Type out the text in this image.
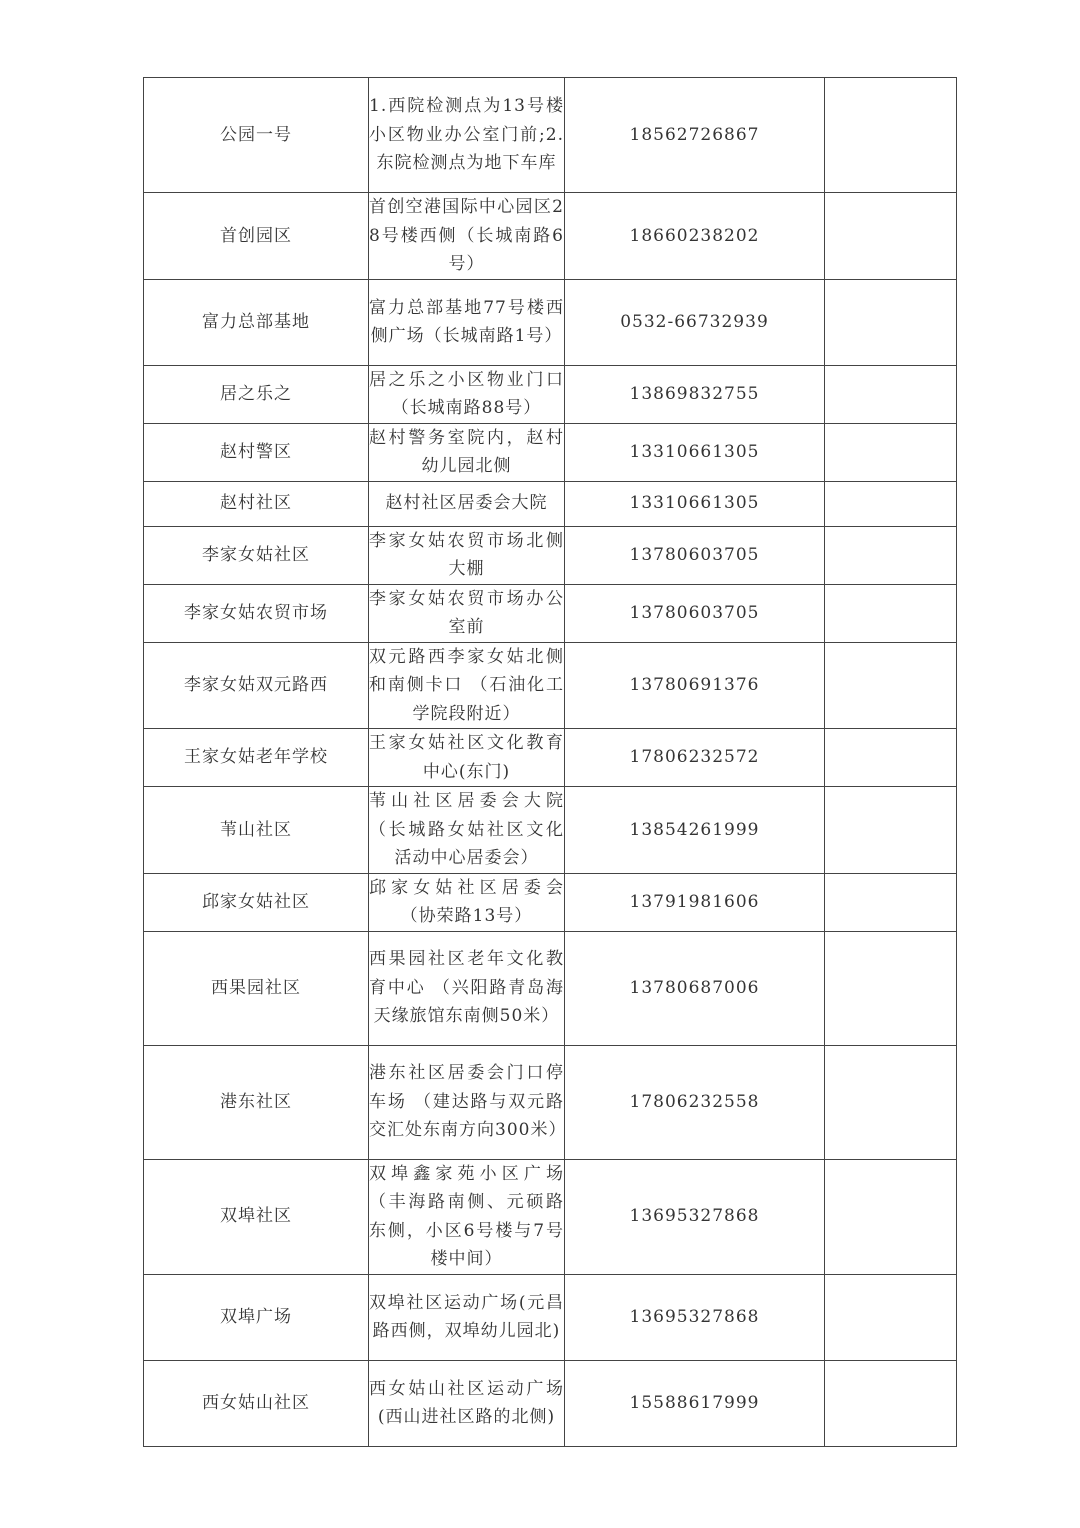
公园一号	1.西院检测点为13号楼小区物业办公室门前;2.东院检测点为地下车库	18562726867	
首创园区	首创空港国际中心园区28号楼西侧（长城南路6号）	18660238202	
富力总部基地	富力总部基地77号楼西侧广场（长城南路1号）	0532-66732939	
居之乐之	居之乐之小区物业门口（长城南路88号）	13869832755	
赵村警区	赵村警务室院内，赵村幼儿园北侧	13310661305	
赵村社区	赵村社区居委会大院	13310661305	
李家女姑社区	李家女姑农贸市场北侧大棚	13780603705	
李家女姑农贸市场	李家女姑农贸市场办公室前	13780603705	
李家女姑双元路西	双元路西李家女姑北侧和南侧卡口 （石油化工学院段附近）	13780691376	
王家女姑老年学校	王家女姑社区文化教育中心(东门)	17806232572	
苇山社区	苇山社区居委会大院（长城路女姑社区文化活动中心居委会）	13854261999	
邱家女姑社区	邱家女姑社区居委会（协荣路13号）	13791981606	
西果园社区	西果园社区老年文化教育中心 （兴阳路青岛海天缘旅馆东南侧50米）	13780687006	
港东社区	港东社区居委会门口停车场 （建达路与双元路交汇处东南方向300米）	17806232558	
双埠社区	双埠鑫家苑小区广场（丰海路南侧、元硕路东侧，小区6号楼与7号楼中间）	13695327868	
双埠广场	双埠社区运动广场(元昌路西侧，双埠幼儿园北)	13695327868	
西女姑山社区	西女姑山社区运动广场(西山进社区路的北侧)	15588617999	
